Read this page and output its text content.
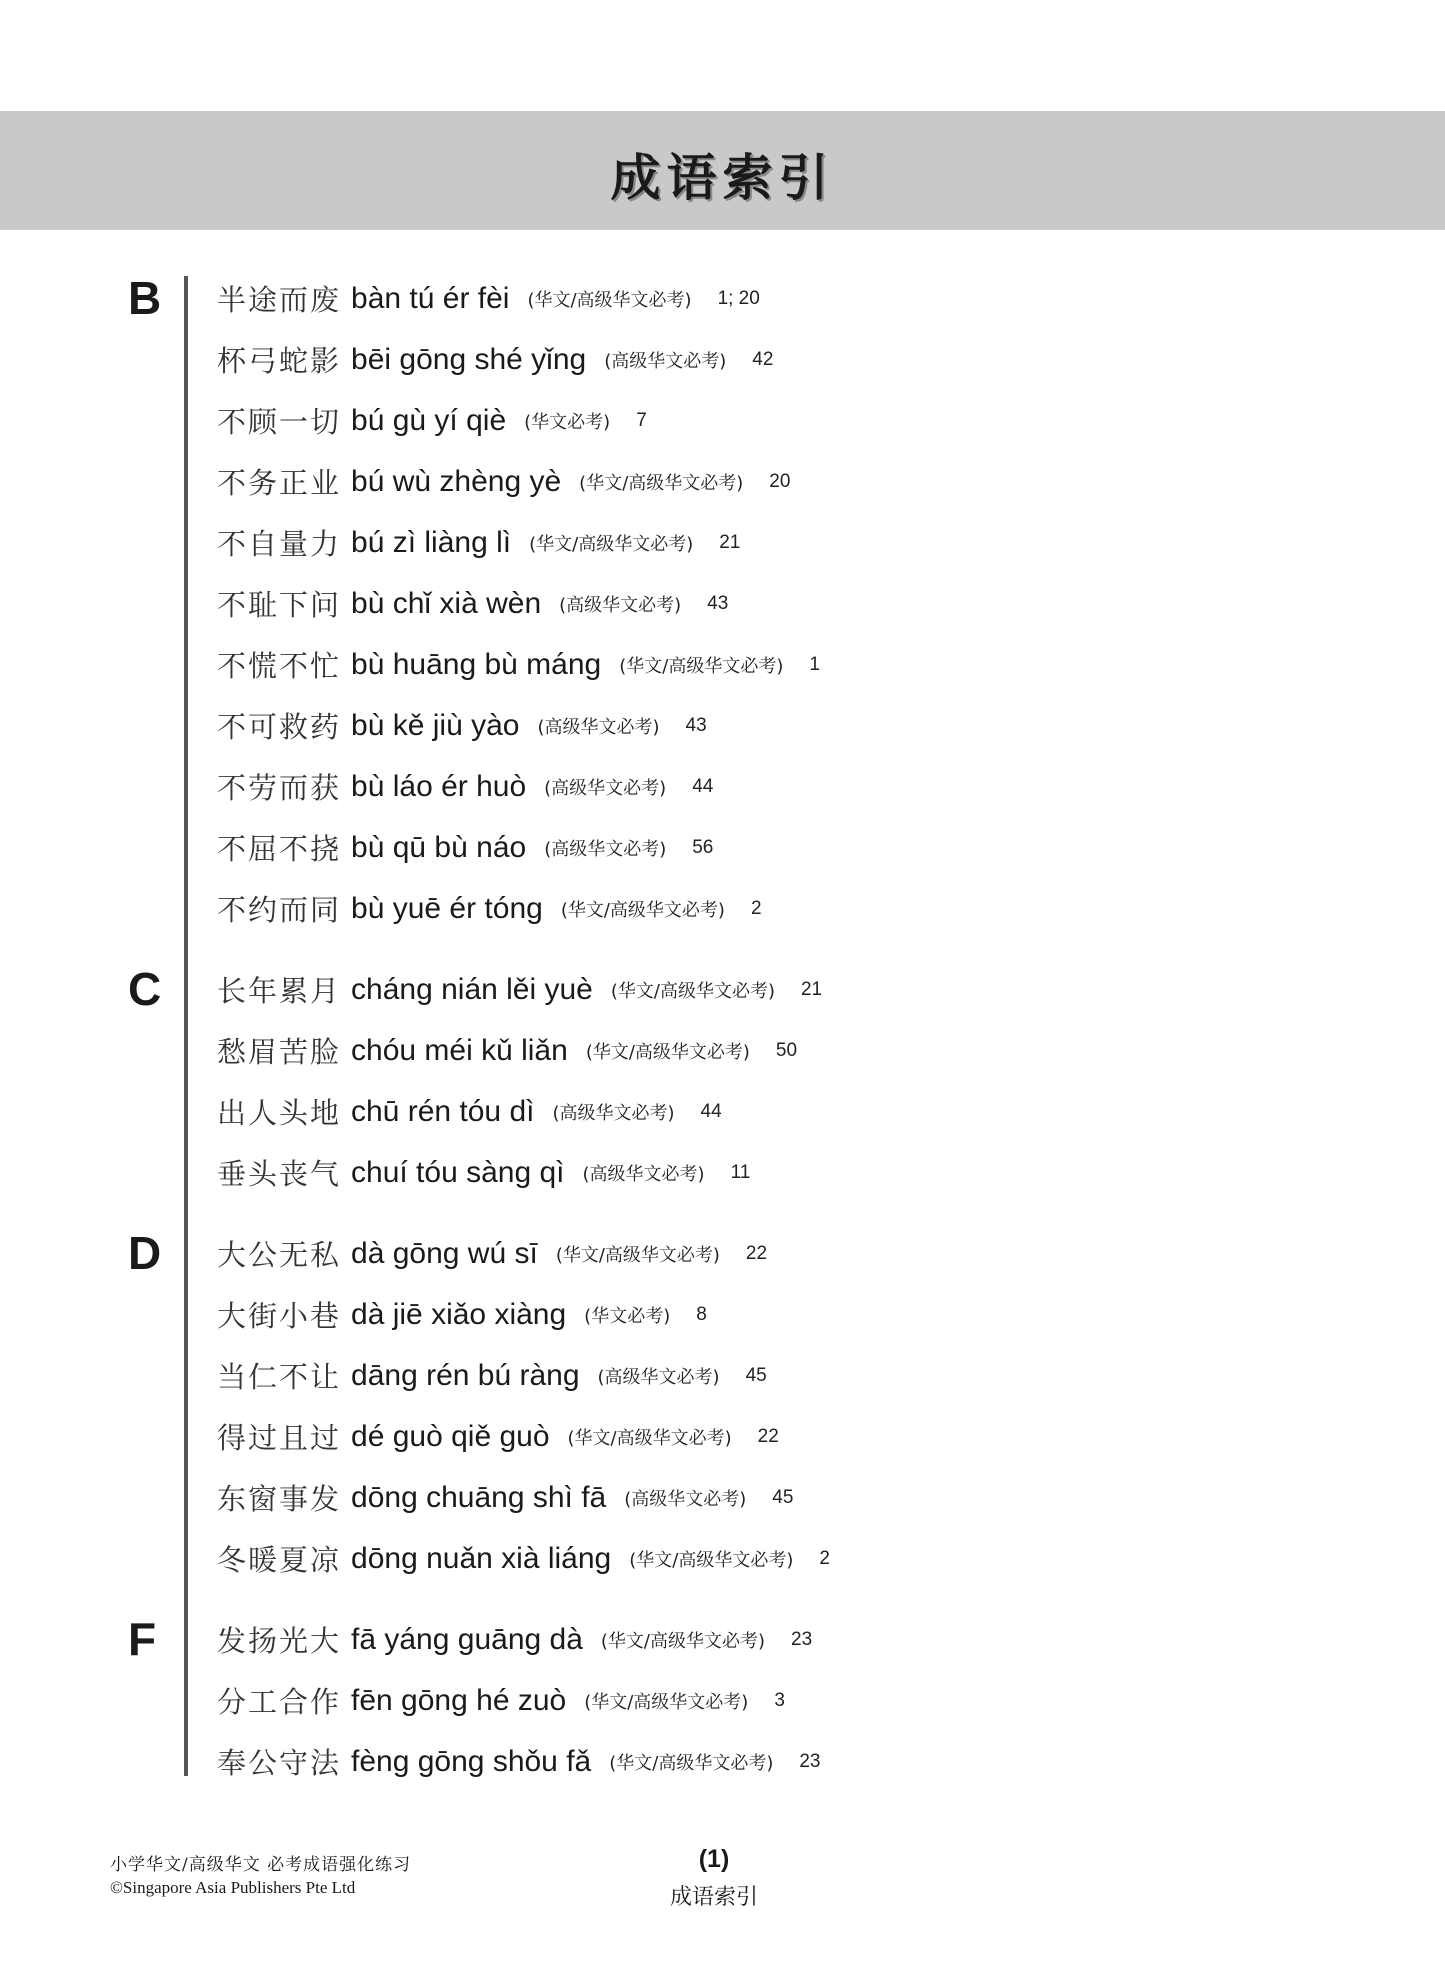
成语索引
B 半途而废 bàn tú ér fèi (华文/高级华文必考) 1; 20
杯弓蛇影 bēi gōng shé yǐng (高级华文必考) 42
不顾一切 bú gù yí qiè (华文必考) 7
不务正业 bú wù zhèng yè (华文/高级华文必考) 20
不自量力 bú zì liàng lì (华文/高级华文必考) 21
不耻下问 bù chǐ xià wèn (高级华文必考) 43
不慌不忙 bù huāng bù máng (华文/高级华文必考) 1
不可救药 bù kě jiù yào (高级华文必考) 43
不劳而获 bù láo ér huò (高级华文必考) 44
不屈不挠 bù qū bù náo (高级华文必考) 56
不约而同 bù yuē ér tóng (华文/高级华文必考) 2
C 长年累月 cháng nián lěi yuè (华文/高级华文必考) 21
愁眉苦脸 chóu méi kǔ liǎn (华文/高级华文必考) 50
出人头地 chū rén tóu dì (高级华文必考) 44
垂头丧气 chuí tóu sàng qì (高级华文必考) 11
D 大公无私 dà gōng wú sī (华文/高级华文必考) 22
大街小巷 dà jiē xiǎo xiàng (华文必考) 8
当仁不让 dāng rén bú ràng (高级华文必考) 45
得过且过 dé guò qiě guò (华文/高级华文必考) 22
东窗事发 dōng chuāng shì fā (高级华文必考) 45
冬暖夏凉 dōng nuǎn xià liáng (华文/高级华文必考) 2
F 发扬光大 fā yáng guāng dà (华文/高级华文必考) 23
分工合作 fēn gōng hé zuò (华文/高级华文必考) 3
奉公守法 fèng gōng shǒu fǎ (华文/高级华文必考) 23
小学华文/高级华文 必考成语强化练习
©Singapore Asia Publishers Pte Ltd
(1)
成语索引
